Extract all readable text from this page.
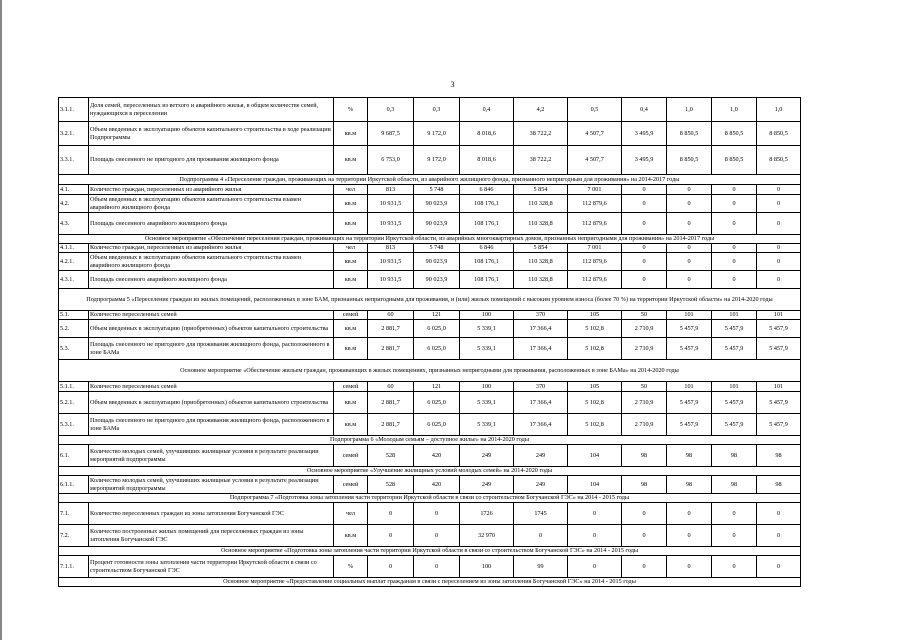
3
3.1.1.	Доля семей, переселенных из ветхого и аварийного жилья, в общем количестве семей, нуждающихся в переселении	%	0,3	0,3	0,4	4,2	0,5	0,4	1,0	1,0	1,0
3.2.1.	Объем введенных в эксплуатацию объектов капитального строительства в ходе реализации Подпрограммы	кв.м	9 687,5	9 172,0	8 018,6	38 722,2	4 507,7	3 495,9	8 850,5	8 850,5	8 850,5
3.3.1.	Площадь снесенного не пригодного для проживания жилищного фонда	кв.м	6 753,0	9 172,0	8 018,6	38 722,2	4 507,7	3 495,9	8 850,5	8 850,5	8 850,5
Подпрограмма 4 «Переселение граждан, проживающих на территории Иркутской области, из аварийного жилищного фонда, признанного непригодным для проживания» на 2014-2017 годы											
4.1.	Количество граждан, переселенных из аварийного жилья	чел	813	5 748	6 846	5 854	7 001	0	0	0	0
4.2.	Объем введенных в эксплуатацию объектов капитального строительства взамен аварийного жилищного фонда	кв.м	10 931,5	90 023,9	108 176,1	110 328,8	112 879,6	0	0	0	0
4.3.	Площадь снесенного аварийного жилищного фонда	кв.м	10 931,5	90 023,9	108 176,1	110 328,8	112 879,6	0	0	0	0
Основное мероприятие «Обеспечение переселения граждан, проживающих на территории Иркутской области, из аварийных многоквартирных домов, признанных непригодными для проживания» на 2014-2017 годы											
4.1.1.	Количество граждан, переселенных из аварийного жилья	чел	813	5 748	6 846	5 854	7 001	0	0	0	0
4.2.1.	Объем введенных в эксплуатацию объектов капитального строительства взамен аварийного жилищного фонда	кв.м	10 931,5	90 023,9	108 176,1	110 328,8	112 879,6	0	0	0	0
4.3.1.	Площадь снесенного аварийного жилищного фонда	кв.м	10 931,5	90 023,9	108 176,1	110 328,8	112 879,6	0	0	0	0
Подпрограмма 5 «Переселение граждан из жилых помещений, расположенных в зоне БАМ, признанных непригодными для проживания, и (или) жилых помещений с высоким уровнем износа (более 70 %) на территории Иркутской области» на 2014-2020 годы											
5.1.	Количество переселенных семей	семей	60	121	100	370	105	50	101	101	101
5.2.	Объем введенных в эксплуатацию (приобретенных) объектов капитального строительства	кв.м	2 881,7	6 025,0	5 339,1	17 366,4	5 102,8	2 710,9	5 457,9	5 457,9	5 457,9
5.3.	Площадь снесенного не пригодного для проживания жилищного фонда, расположенного в зоне БАМа	кв.м	2 881,7	6 025,0	5 339,1	17 366,4	5 102,8	2 710,9	5 457,9	5 457,9	5 457,9
Основное мероприятие «Обеспечение жильем граждан, проживающих в жилых помещениях, признанных непригодными для проживания, расположенных в зоне БАМа» на 2014-2020 годы											
5.1.1.	Количество переселенных семей	семей	60	121	100	370	105	50	101	101	101
5.2.1.	Объем введенных в эксплуатацию (приобретенных) объектов капитального строительства	кв.м	2 881,7	6 025,0	5 339,1	17 366,4	5 102,8	2 710,9	5 457,9	5 457,9	5 457,9
5.3.1.	Площадь снесенного не пригодного для проживания жилищного фонда, расположенного в зоне БАМа	кв.м	2 881,7	6 025,0	5 339,1	17 366,4	5 102,8	2 710,9	5 457,9	5 457,9	5 457,9
Подпрограмма 6 «Молодым семьям – доступное жилье» на 2014-2020 годы											
6.1.	Количество молодых семей, улучшивших жилищные условия в результате реализации мероприятий подпрограммы	семей	528	420	249	249	104	98	98	98	98
Основное мероприятие «Улучшение жилищных условий молодых семей» на 2014-2020 годы											
6.1.1.	Количество молодых семей, улучшивших жилищные условия в результате реализации мероприятий подпрограммы	семей	528	420	249	249	104	98	98	98	98
Подпрограмма 7 «Подготовка зоны затопления части территории Иркутской области в связи со строительством Богучанской ГЭС» на 2014 - 2015 годы											
7.1.	Количество переселенных граждан из зоны затопления Богучанской ГЭС	чел	0	0	1726	1745	0	0	0	0	0
7.2.	Количество построенных жилых помещений для переселяемых граждан из зоны затопления Богучанской ГЭС	кв.м	0	0	32 970	0	0	0	0	0	0
Основное мероприятие «Подготовка зоны затопления части территории Иркутской области в связи со строительством Богучанской ГЭС» на 2014 - 2015 годы											
7.1.1.	Процент готовности зоны затопления части территории Иркутской области в связи со строительством Богучанской ГЭС	%	0	0	100	99	0	0	0	0	0
Основное мероприятие «Предоставление социальных выплат гражданам в связи с переселением из зоны затопления Богучанской ГЭС» на 2014 - 2015 годы											
